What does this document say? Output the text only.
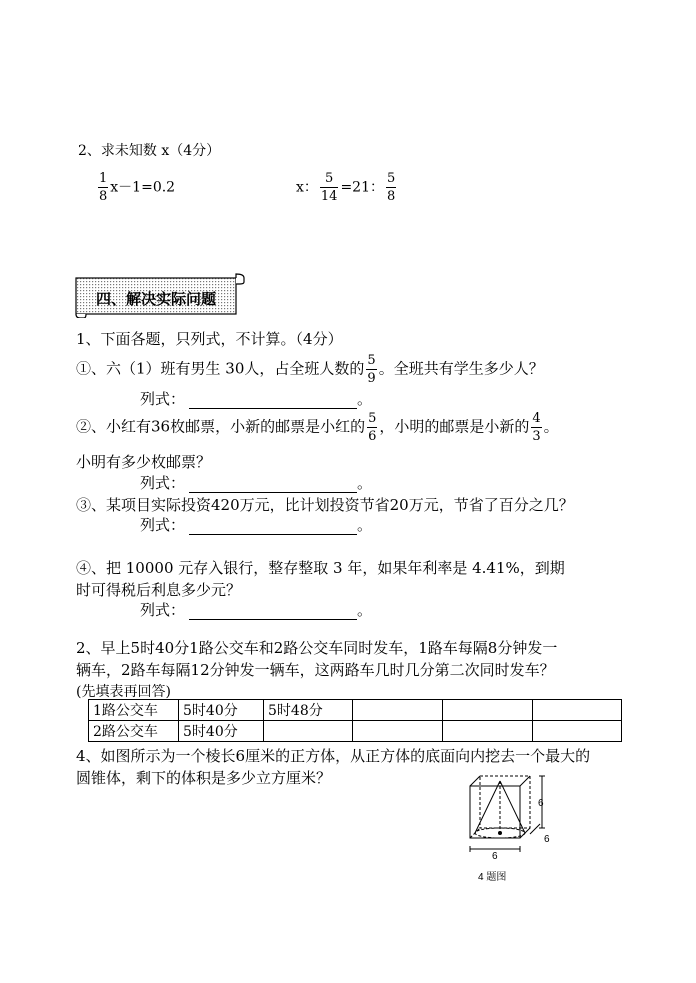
2、求未知数 x（4分）
$\frac{1}{8} x-1=0.2$	x： $\frac{5}{14} =21$： $\frac{5}{8}$
四、解决实际问题
1、下面各题，只列式，不计算。（4分）
①、六（1）班有男生 30人，占全班人数的 $\frac{5}{9}$ 。全班共有学生多少人？
列式：	。
②、小红有36枚邮票，小新的邮票是小红的 $\frac{5}{6}$ ，小明的邮票是小新的 $\frac{4}{3}$ 。
小明有多少枚邮票？
列式：	。
③、某项目实际投资420万元，比计划投资节省20万元，节省了百分之几？
列式：	。
④、把 10000 元存入银行，整存整取 3 年，如果年利率是 4.41%，到期
时可得税后利息多少元？
列式：	。
2、早上5时40分1路公交车和2路公交车同时发车，1路车每隔8分钟发一
辆车，2路车每隔12分钟发一辆车，这两路车几时几分第二次同时发车？
(先填表再回答)
1路公交车	5时40分	5时48分			
2路公交车	5时40分				
4、如图所示为一个棱长6厘米的正方体，从正方体的底面向内挖去一个最大的
圆锥体，剩下的体积是多少立方厘米？
6
6
6
4 题图
